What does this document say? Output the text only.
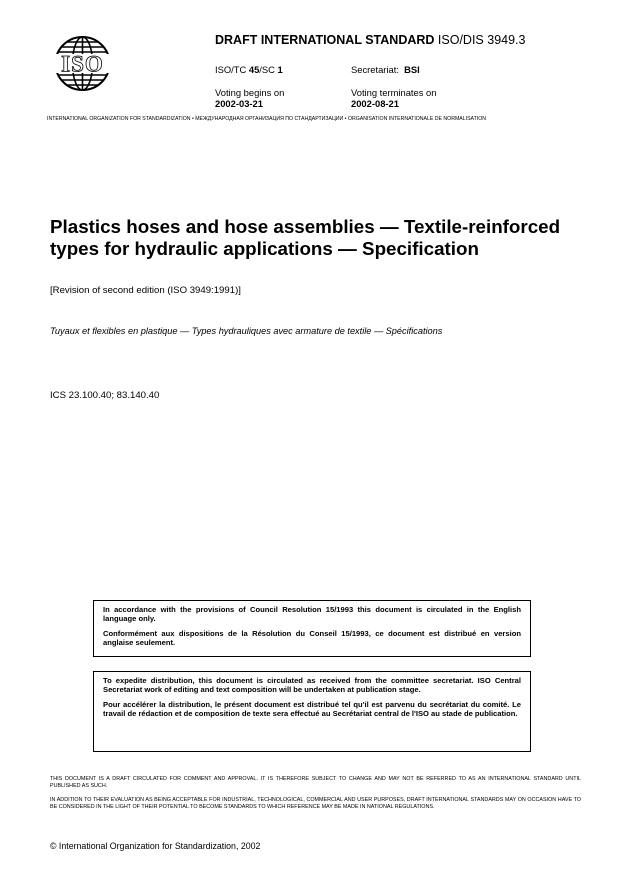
ISO
DRAFT INTERNATIONAL STANDARD ISO/DIS 3949.3
ISO/TC 45/SC 1	Secretariat: BSI
Voting begins on
2002-03-21
Voting terminates on
2002-08-21
INTERNATIONAL ORGANIZATION FOR STANDARDIZATION • МЕЖДУНАРОДНАЯ ОРГАНИЗАЦИЯ ПО СТАНДАРТИЗАЦИИ • ORGANISATION INTERNATIONALE DE NORMALISATION
Plastics hoses and hose assemblies — Textile-reinforced
types for hydraulic applications — Specification
[Revision of second edition (ISO 3949:1991)]
Tuyaux et flexibles en plastique — Types hydrauliques avec armature de textile — Spécifications
ICS 23.100.40; 83.140.40

In accordance with the provisions of Council Resolution 15/1993 this document is circulated in the English language only.

Conformément aux dispositions de la Résolution du Conseil 15/1993, ce document est distribué en version anglaise seulement.

To expedite distribution, this document is circulated as received from the committee secretariat. ISO Central Secretariat work of editing and text composition will be undertaken at publication stage.

Pour accélérer la distribution, le présent document est distribué tel qu'il est parvenu du secrétariat du comité. Le travail de rédaction et de composition de texte sera effectué au Secrétariat central de l'ISO au stade de publication.

THIS DOCUMENT IS A DRAFT CIRCULATED FOR COMMENT AND APPROVAL. IT IS THEREFORE SUBJECT TO CHANGE AND MAY NOT BE REFERRED TO AS AN INTERNATIONAL STANDARD UNTIL PUBLISHED AS SUCH.
IN ADDITION TO THEIR EVALUATION AS BEING ACCEPTABLE FOR INDUSTRIAL, TECHNOLOGICAL, COMMERCIAL AND USER PURPOSES, DRAFT INTERNATIONAL STANDARDS MAY ON OCCASION HAVE TO BE CONSIDERED IN THE LIGHT OF THEIR POTENTIAL TO BECOME STANDARDS TO WHICH REFERENCE MAY BE MADE IN NATIONAL REGULATIONS.
© International Organization for Standardization, 2002
